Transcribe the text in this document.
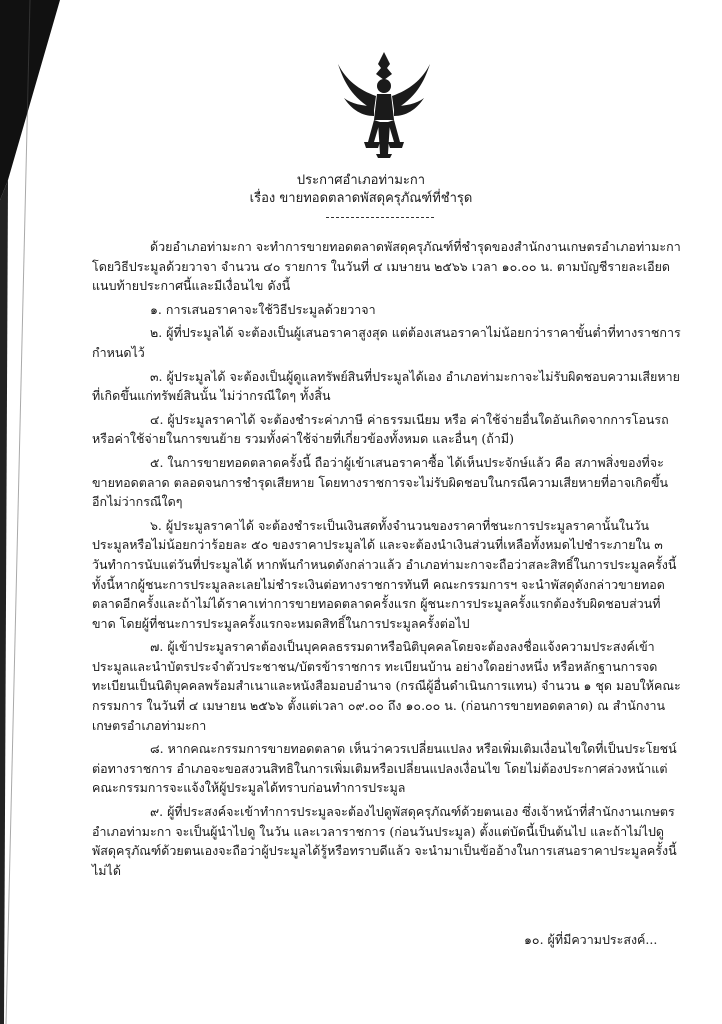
ประกาศอำเภอท่ามะกา
เรื่อง ขายทอดตลาดพัสดุครุภัณฑ์ที่ชำรุด

ด้วยอำเภอท่ามะกา จะทำการขายทอดตลาดพัสดุครุภัณฑ์ที่ชำรุดของสำนักงานเกษตรอำเภอท่ามะกา โดยวิธีประมูลด้วยวาจา จำนวน ๔๐ รายการ ในวันที่ ๔ เมษายน ๒๕๖๖ เวลา ๑๐.๐๐ น. ตามบัญชีรายละเอียดแนบท้ายประกาศนี้และมีเงื่อนไข ดังนี้

๑. การเสนอราคาจะใช้วิธีประมูลด้วยวาจา

๒. ผู้ที่ประมูลได้ จะต้องเป็นผู้เสนอราคาสูงสุด แต่ต้องเสนอราคาไม่น้อยกว่าราคาขั้นต่ำที่ทางราชการกำหนดไว้

๓. ผู้ประมูลได้ จะต้องเป็นผู้ดูแลทรัพย์สินที่ประมูลได้เอง อำเภอท่ามะกาจะไม่รับผิดชอบความเสียหายที่เกิดขึ้นแก่ทรัพย์สินนั้น ไม่ว่ากรณีใดๆ ทั้งสิ้น

๔. ผู้ประมูลราคาได้ จะต้องชำระค่าภาษี ค่าธรรมเนียม หรือ ค่าใช้จ่ายอื่นใดอันเกิดจากการโอนรถหรือค่าใช้จ่ายในการขนย้าย รวมทั้งค่าใช้จ่ายที่เกี่ยวข้องทั้งหมด และอื่นๆ (ถ้ามี)

๕. ในการขายทอดตลาดครั้งนี้ ถือว่าผู้เข้าเสนอราคาซื้อ ได้เห็นประจักษ์แล้ว คือ สภาพสิ่งของที่จะขายทอดตลาด ตลอดจนการชำรุดเสียหาย โดยทางราชการจะไม่รับผิดชอบในกรณีความเสียหายที่อาจเกิดขึ้นอีกไม่ว่ากรณีใดๆ

๖. ผู้ประมูลราคาได้ จะต้องชำระเป็นเงินสดทั้งจำนวนของราคาที่ชนะการประมูลราคานั้นในวันประมูลหรือไม่น้อยกว่าร้อยละ ๕๐ ของราคาประมูลได้ และจะต้องนำเงินส่วนที่เหลือทั้งหมดไปชำระภายใน ๓ วันทำการนับแต่วันที่ประมูลได้ หากพ้นกำหนดดังกล่าวแล้ว อำเภอท่ามะกาจะถือว่าสละสิทธิ์ในการประมูลครั้งนี้ ทั้งนี้หากผู้ชนะการประมูลละเลยไม่ชำระเงินต่อทางราชการทันที คณะกรรมการฯ จะนำพัสดุดังกล่าวขายทอดตลาดอีกครั้งและถ้าไม่ได้ราคาเท่าการขายทอดตลาดครั้งแรก ผู้ชนะการประมูลครั้งแรกต้องรับผิดชอบส่วนที่ขาด โดยผู้ที่ชนะการประมูลครั้งแรกจะหมดสิทธิ์ในการประมูลครั้งต่อไป

๗. ผู้เข้าประมูลราคาต้องเป็นบุคคลธรรมดาหรือนิติบุคคลโดยจะต้องลงชื่อแจ้งความประสงค์เข้าประมูลและนำบัตรประจำตัวประชาชน/บัตรข้าราชการ ทะเบียนบ้าน อย่างใดอย่างหนึ่ง หรือหลักฐานการจดทะเบียนเป็นนิติบุคคลพร้อมสำเนาและหนังสือมอบอำนาจ (กรณีผู้อื่นดำเนินการแทน) จำนวน ๑ ชุด มอบให้คณะกรรมการ ในวันที่ ๔ เมษายน ๒๕๖๖ ตั้งแต่เวลา ๐๙.๐๐ ถึง ๑๐.๐๐ น. (ก่อนการขายทอดตลาด) ณ สำนักงานเกษตรอำเภอท่ามะกา

๘. หากคณะกรรมการขายทอดตลาด เห็นว่าควรเปลี่ยนแปลง หรือเพิ่มเติมเงื่อนไขใดที่เป็นประโยชน์ต่อทางราชการ อำเภอจะขอสงวนสิทธิในการเพิ่มเติมหรือเปลี่ยนแปลงเงื่อนไข โดยไม่ต้องประกาศล่วงหน้าแต่คณะกรรมการจะแจ้งให้ผู้ประมูลได้ทราบก่อนทำการประมูล

๙. ผู้ที่ประสงค์จะเข้าทำการประมูลจะต้องไปดูพัสดุครุภัณฑ์ด้วยตนเอง ซึ่งเจ้าหน้าที่สำนักงานเกษตรอำเภอท่ามะกา จะเป็นผู้นำไปดู ในวัน และเวลาราชการ (ก่อนวันประมูล) ตั้งแต่บัดนี้เป็นต้นไป และถ้าไม่ไปดูพัสดุครุภัณฑ์ด้วยตนเองจะถือว่าผู้ประมูลได้รู้หรือทราบดีแล้ว จะนำมาเป็นข้ออ้างในการเสนอราคาประมูลครั้งนี้ไม่ได้

๑๐. ผู้ที่มีความประสงค์...
